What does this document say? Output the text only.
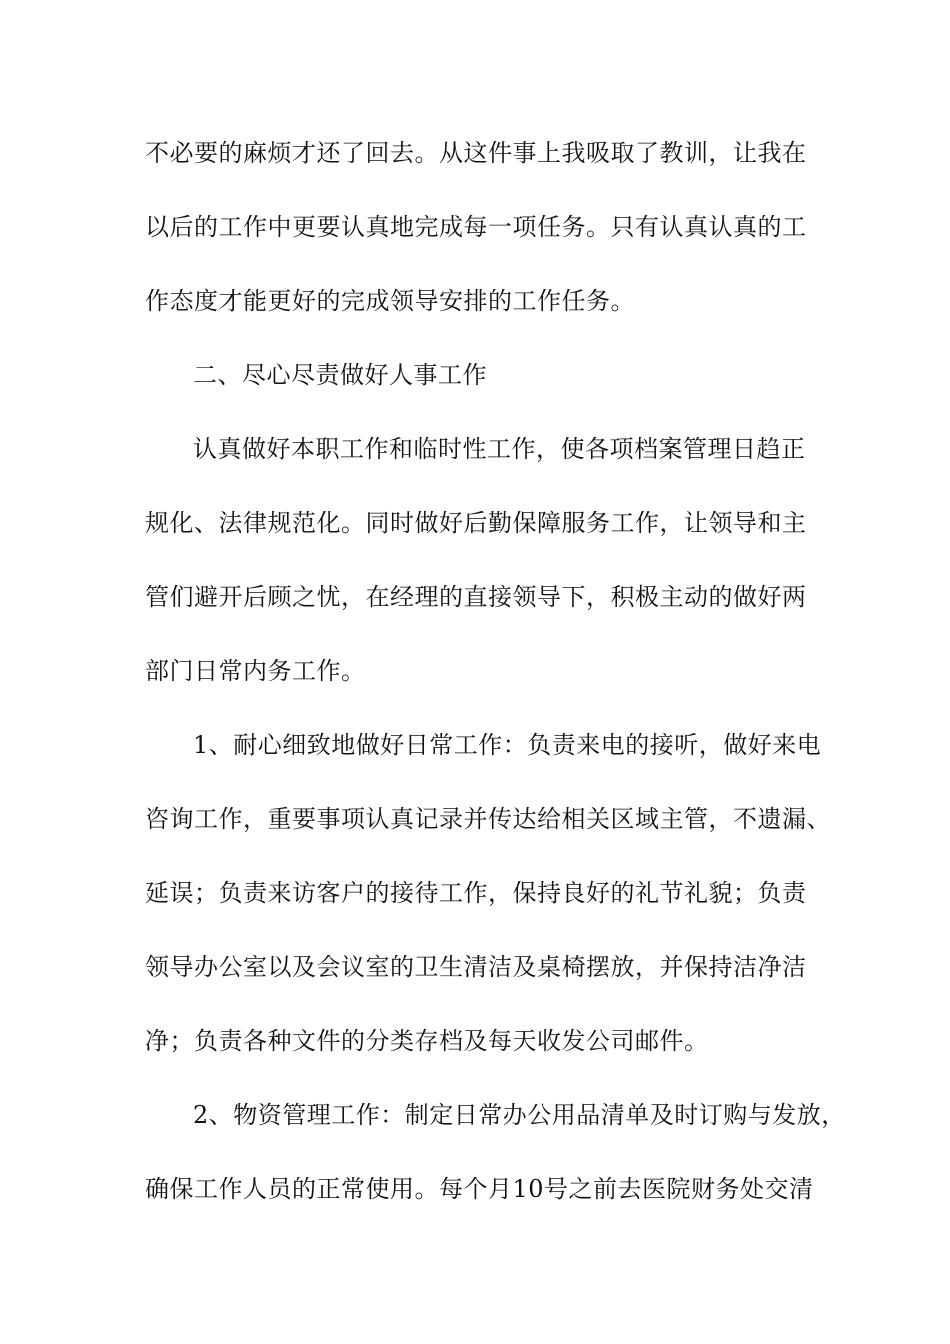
不必要的麻烦才还了回去。从这件事上我吸取了教训，让我在
以后的工作中更要认真地完成每一项任务。只有认真认真的工
作态度才能更好的完成领导安排的工作任务。
二、尽心尽责做好人事工作
认真做好本职工作和临时性工作，使各项档案管理日趋正
规化、法律规范化。同时做好后勤保障服务工作，让领导和主
管们避开后顾之忧，在经理的直接领导下，积极主动的做好两
部门日常内务工作。
1、耐心细致地做好日常工作：负责来电的接听，做好来电
咨询工作，重要事项认真记录并传达给相关区域主管，不遗漏、
延误；负责来访客户的接待工作，保持良好的礼节礼貌；负责
领导办公室以及会议室的卫生清洁及桌椅摆放，并保持洁净洁
净；负责各种文件的分类存档及每天收发公司邮件。
2、物资管理工作：制定日常办公用品清单及时订购与发放，
确保工作人员的正常使用。每个月10号之前去医院财务处交清
